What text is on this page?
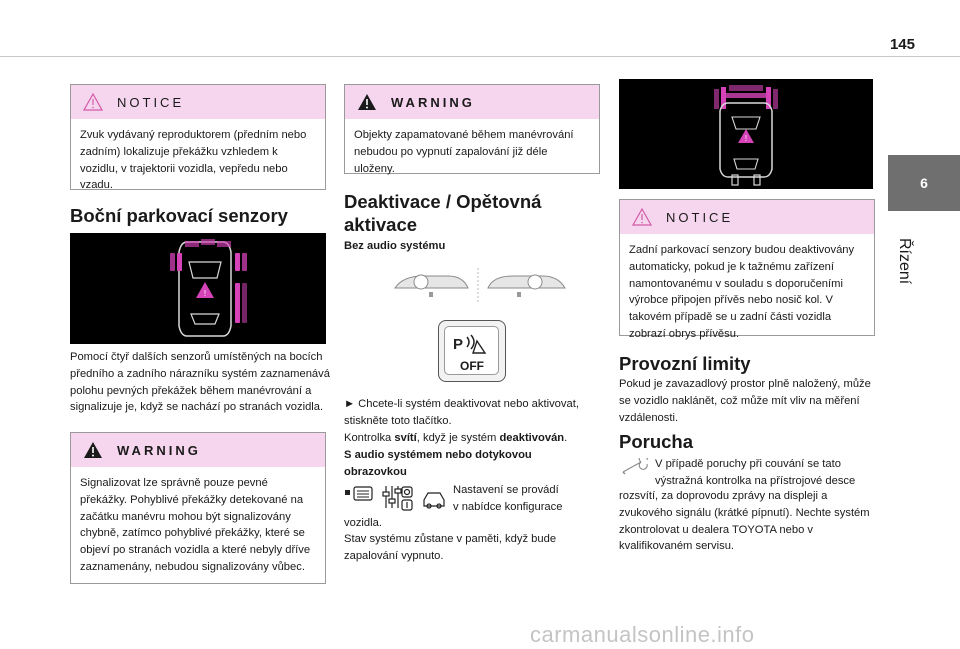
145
6
Řízení
NOTICE
Zvuk vydávaný reproduktorem (předním nebo zadním) lokalizuje překážku vzhledem k vozidlu, v trajektorii vozidla, vepředu nebo vzadu.
Boční parkovací senzory
!
Pomocí čtyř dalších senzorů umístěných na bocích předního a zadního nárazníku systém zaznamenává polohu pevných překážek během manévrování a signalizuje je, když se nachází po stranách vozidla.
WARNING
Signalizovat lze správně pouze pevné překážky. Pohyblivé překážky detekované na začátku manévru mohou být signalizovány chybně, zatímco pohyblivé překážky, které se objeví po stranách vozidla a které nebyly dříve zaznamenány, nebudou signalizovány vůbec.
WARNING
Objekty zapamatované během manévrování nebudou po vypnutí zapalování již déle uloženy.
Deaktivace / Opětovná aktivace
Bez audio systému
P
OFF
► Chcete-li systém deaktivovat nebo aktivovat, stiskněte toto tlačítko.
Kontrolka svítí, když je systém deaktivován.
S audio systémem nebo dotykovou obrazovkou
Nastavení se provádí
v nabídce konfigurace
vozidla.
Stav systému zůstane v paměti, když bude zapalování vypnuto.
!
NOTICE
Zadní parkovací senzory budou deaktivovány automaticky, pokud je k tažnému zařízení namontovanému v souladu s doporučeními výrobce připojen přívěs nebo nosič kol. V takovém případě se u zadní části vozidla zobrazí obrys přívěsu.
Provozní limity
Pokud je zavazadlový prostor plně naložený, může se vozidlo naklánět, což může mít vliv na měření vzdálenosti.
Porucha
V případě poruchy při couvání se tato
výstražná kontrolka na přístrojové desce
rozsvítí, za doprovodu zprávy na displeji a zvukového signálu (krátké pípnutí). Nechte systém zkontrolovat u dealera TOYOTA nebo v kvalifikovaném servisu.
carmanualsonline.info
